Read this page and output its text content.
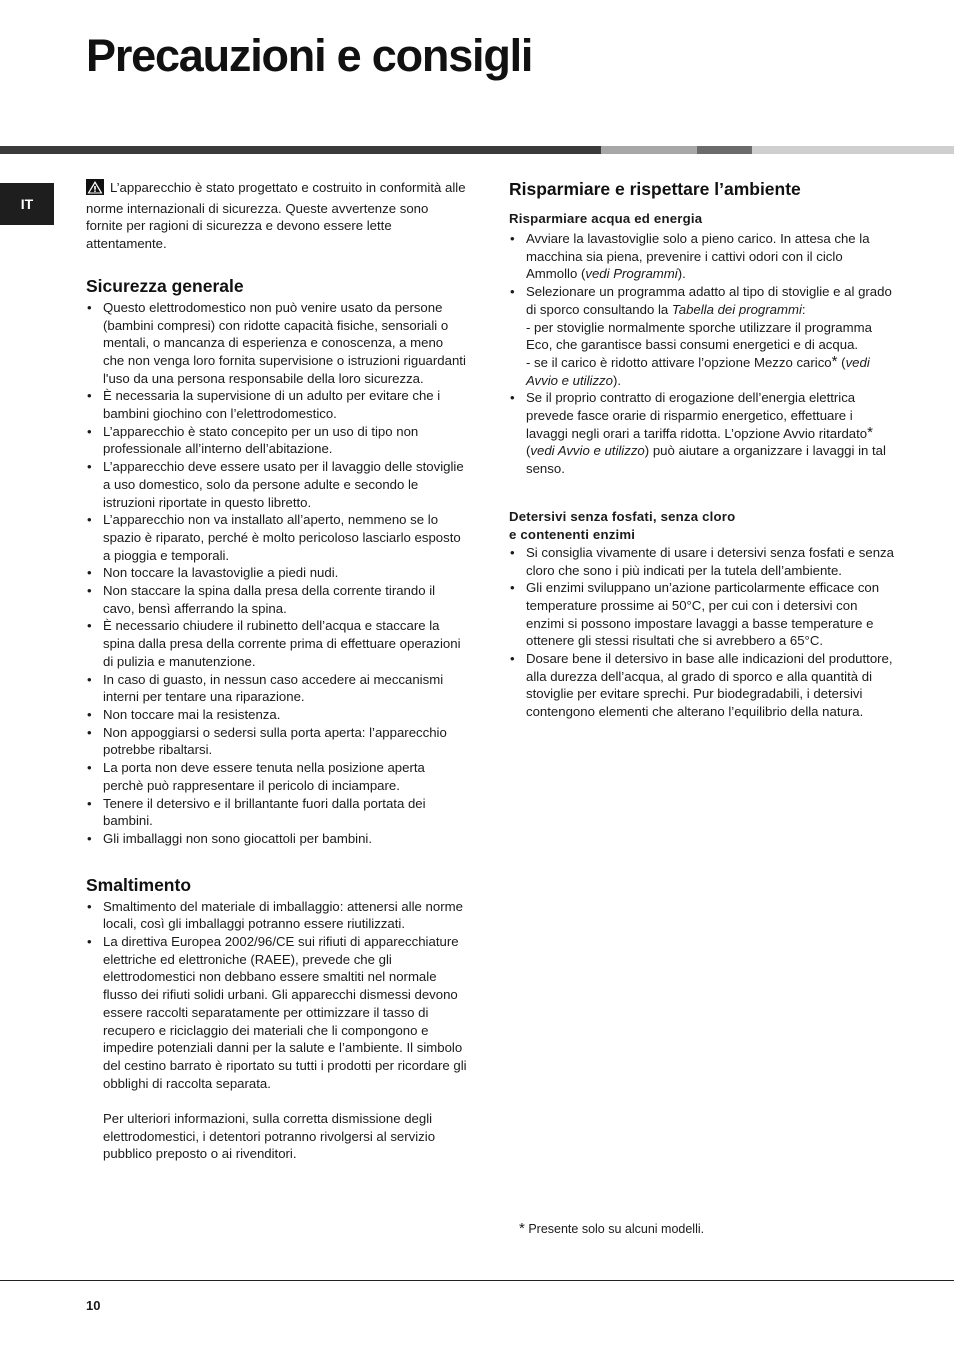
Precauzioni e consigli
IT

L’apparecchio è stato progettato e costruito in conformità alle norme internazionali di sicurezza. Queste avvertenze sono fornite per ragioni di sicurezza e devono essere lette attentamente.

Sicurezza generale
• Questo elettrodomestico non può venire usato da persone (bambini compresi) con ridotte capacità fisiche, sensoriali o mentali, o mancanza di esperienza e conoscenza, a meno che non venga loro fornita supervisione o istruzioni riguardanti l'uso da una persona responsabile della loro sicurezza.
• È necessaria la supervisione di un adulto per evitare che i bambini giochino con l’elettrodomestico.
• L’apparecchio è stato concepito per un uso di tipo non professionale all’interno dell’abitazione.
• L’apparecchio deve essere usato per il lavaggio delle stoviglie a uso domestico, solo da persone adulte e secondo le istruzioni riportate in questo libretto.
• L’apparecchio non va installato all’aperto, nemmeno se lo spazio è riparato, perché è molto pericoloso lasciarlo esposto a pioggia e temporali.
• Non toccare la lavastoviglie a piedi nudi.
• Non staccare la spina dalla presa della corrente tirando il cavo, bensì afferrando la spina.
• È necessario chiudere il rubinetto dell’acqua e staccare la spina dalla presa della corrente prima di effettuare operazioni di pulizia e manutenzione.
• In caso di guasto, in nessun caso accedere ai meccanismi interni per tentare una riparazione.
• Non toccare mai la resistenza.
• Non appoggiarsi o sedersi sulla porta aperta: l’apparecchio potrebbe ribaltarsi.
• La porta non deve essere tenuta nella posizione aperta perchè può rappresentare il pericolo di inciampare.
• Tenere il detersivo e il brillantante fuori dalla portata dei bambini.
• Gli imballaggi non sono giocattoli per bambini.
Smaltimento
• Smaltimento del materiale di imballaggio: attenersi alle norme locali, così gli imballaggi potranno essere riutilizzati.
• La direttiva Europea 2002/96/CE sui rifiuti di apparecchiature elettriche ed elettroniche (RAEE), prevede che gli elettrodomestici non debbano essere smaltiti nel normale flusso dei rifiuti solidi urbani. Gli apparecchi dismessi devono essere raccolti separatamente per ottimizzare il tasso di recupero e riciclaggio dei materiali che li compongono e impedire potenziali danni per la salute e l’ambiente. Il simbolo del cestino barrato è riportato su tutti i prodotti per ricordare gli obblighi di raccolta separata.
Per ulteriori informazioni, sulla corretta dismissione degli elettrodomestici, i detentori potranno rivolgersi al servizio pubblico preposto o ai rivenditori.
Risparmiare e rispettare l’ambiente
Risparmiare acqua ed energia
• Avviare la lavastoviglie solo a pieno carico. In attesa che la macchina sia piena, prevenire i cattivi odori con il ciclo Ammollo (vedi Programmi).
• Selezionare un programma adatto al tipo di stoviglie e al grado di sporco consultando la Tabella dei programmi:
- per stoviglie normalmente sporche utilizzare il programma Eco, che garantisce bassi consumi energetici e di acqua.
- se il carico è ridotto attivare l’opzione Mezzo carico* (vedi Avvio e utilizzo).
• Se il proprio contratto di erogazione dell’energia elettrica prevede fasce orarie di risparmio energetico, effettuare i lavaggi negli orari a tariffa ridotta. L’opzione Avvio ritardato* (vedi Avvio e utilizzo) può aiutare a organizzare i lavaggi in tal senso.
Detersivi senza fosfati, senza cloro
e contenenti enzimi
• Si consiglia vivamente di usare i detersivi senza fosfati e senza cloro che sono i più indicati per la tutela dell’ambiente.
• Gli enzimi sviluppano un’azione particolarmente efficace con temperature prossime ai 50°C, per cui con i detersivi con enzimi si possono impostare lavaggi a basse temperature e ottenere gli stessi risultati che si avrebbero a 65°C.
• Dosare bene il detersivo in base alle indicazioni del produttore, alla durezza dell’acqua, al grado di sporco e alla quantità di stoviglie per evitare sprechi. Pur biodegradabili, i detersivi contengono elementi che alterano l’equilibrio della natura.
* Presente solo su alcuni modelli.
10
